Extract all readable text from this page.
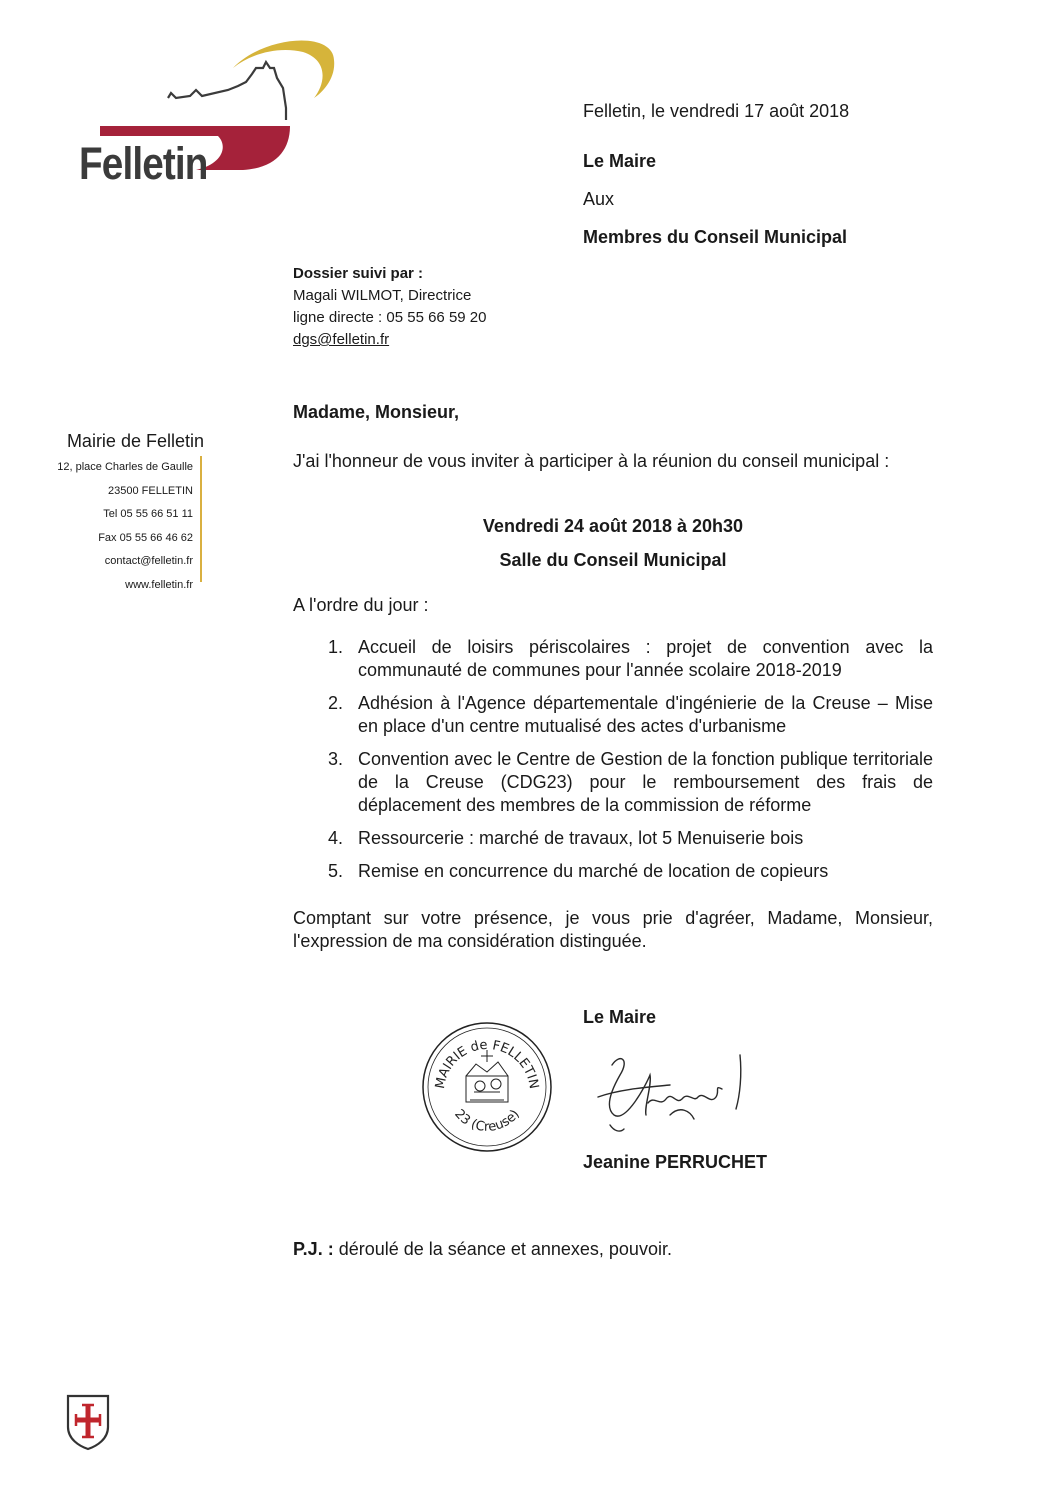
Felletin
Felletin, le vendredi 17 août 2018
Le Maire
Aux
Membres du Conseil Municipal
Dossier suivi par :
Magali WILMOT, Directrice
ligne directe : 05 55 66 59 20
dgs@felletin.fr
Mairie de Felletin
12, place Charles de Gaulle
23500 FELLETIN
Tel 05 55 66 51 11
Fax 05 55 66 46 62
contact@felletin.fr
www.felletin.fr
Madame, Monsieur,
J'ai l'honneur de vous inviter à participer à la réunion du conseil municipal :
Vendredi 24 août 2018 à 20h30
Salle du Conseil Municipal
A l'ordre du jour :
1. Accueil de loisirs périscolaires : projet de convention avec la communauté de communes pour l'année scolaire 2018-2019
2. Adhésion à l'Agence départementale d'ingénierie de la Creuse – Mise en place d'un centre mutualisé des actes d'urbanisme
3. Convention avec le Centre de Gestion de la fonction publique territoriale de la Creuse (CDG23) pour le remboursement des frais de déplacement des membres de la commission de réforme
4. Ressourcerie : marché de travaux, lot 5 Menuiserie bois
5. Remise en concurrence du marché de location de copieurs
Comptant sur votre présence, je vous prie d'agréer, Madame, Monsieur, l'expression de ma considération distinguée.
Le Maire
MAIRIE de FELLETIN
23 (Creuse)
Jeanine PERRUCHET
P.J. : déroulé de la séance et annexes, pouvoir.
